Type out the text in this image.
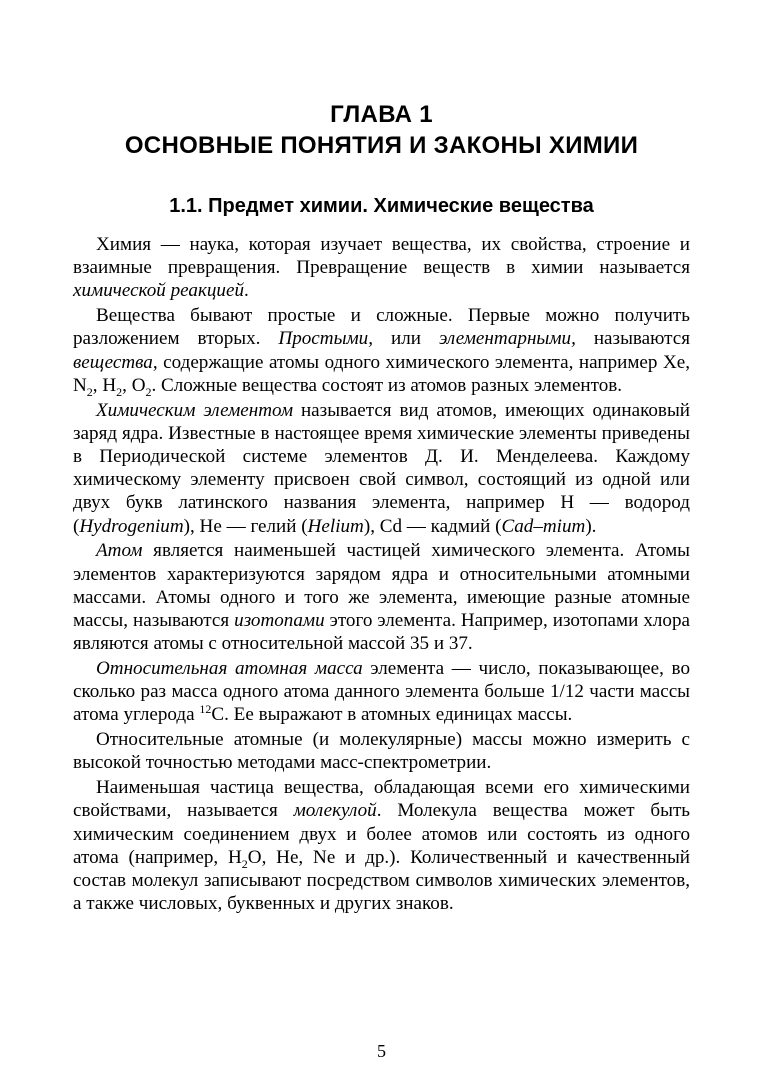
ГЛАВА 1
ОСНОВНЫЕ ПОНЯТИЯ И ЗАКОНЫ ХИМИИ
1.1. Предмет химии. Химические вещества

Химия — наука, которая изучает вещества, их свойства, строение и взаимные превращения. Превращение веществ в химии называется химической реакцией.

Вещества бывают простые и сложные. Первые можно получить разложением вторых. Простыми, или элементарными, называются вещества, содержащие атомы одного химического элемента, например Xe, $N_2$, $H_2$, $O_2$. Сложные вещества состоят из атомов разных элементов.

Химическим элементом называется вид атомов, имеющих одинаковый заряд ядра. Известные в настоящее время химические элементы приведены в Периодической системе элементов Д. И. Менделеева. Каждому химическому элементу присвоен свой символ, состоящий из одной или двух букв латинского названия элемента, например H — водород (Hydrogenium), He — гелий (Helium), Cd — кадмий (Cad–mium).

Атом является наименьшей частицей химического элемента. Атомы элементов характеризуются зарядом ядра и относительными атомными массами. Атомы одного и того же элемента, имеющие разные атомные массы, называются изотопами этого элемента. Например, изотопами хлора являются атомы с относительной массой 35 и 37.

Относительная атомная масса элемента — число, показывающее, во сколько раз масса одного атома данного элемента больше 1/12 части массы атома углерода $^{12}$C. Ее выражают в атомных единицах массы.

Относительные атомные (и молекулярные) массы можно измерить с высокой точностью методами масс-спектрометрии.

Наименьшая частица вещества, обладающая всеми его химическими свойствами, называется молекулой. Молекула вещества может быть химическим соединением двух и более атомов или состоять из одного атома (например, $H_2O$, He, Ne и др.). Количественный и качественный состав молекул записывают посредством символов химических элементов, а также числовых, буквенных и других знаков.

5
